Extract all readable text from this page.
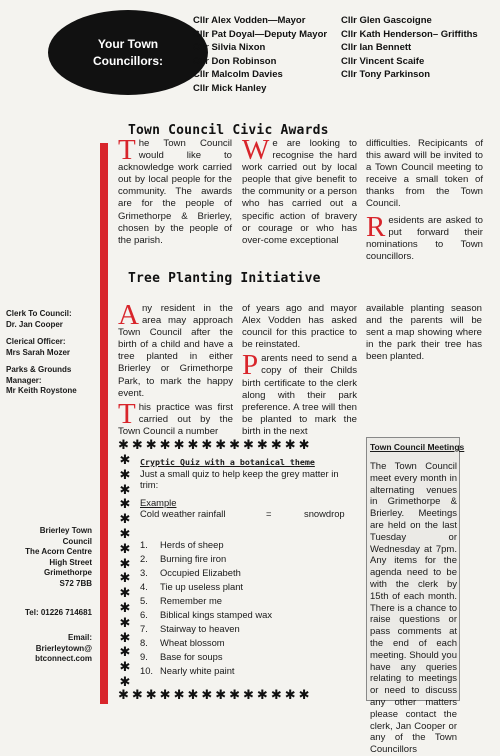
Your Town
Councillors:
Cllr Alex Vodden—Mayor
Cllr Pat Doyal—Deputy Mayor
Cllr Silvia Nixon
Cllr Don Robinson
Cllr Malcolm Davies
Cllr Mick Hanley
Cllr Glen Gascoigne
Cllr Kath Henderson– Griffiths
Cllr Ian Bennett
Cllr Vincent Scaife
Cllr Tony Parkinson
Clerk To Council:
Dr. Jan Cooper
Clerical Officer:
Mrs Sarah Mozer
Parks & Grounds
Manager:
Mr Keith Roystone
Brierley Town
Council
The Acorn Centre
High Street
Grimethorpe
S72 7BB
Tel: 01226 714681
Email:
Brierleytown@
btconnect.com
Town Council Civic Awards

The Town Council would like to acknowledge work carried out by local people for the community. The awards are for the people of Grimethorpe & Brierley, chosen by the people of the parish.

We are looking to recognise the hard work carried out by local people that give benefit to the community or a person who has carried out a specific action of bravery or courage or who has over-come exceptional

difficulties. Recipicants of this award will be invited to a Town Council meeting to receive a small token of thanks from the Town Council.

Residents are asked to put forward their nominations to Town councillors.

Tree Planting Initiative

Any resident in the area may approach Town Council after the birth of a child and have a tree planted in either Brierley or Grimethorpe Park, to mark the happy event.

This practice was first carried out by the Town Council a number

of years ago and mayor Alex Vodden has asked council for this practice to be reinstated.

Parents need to send a copy of their Childs birth certificate to the clerk along with their park preference. A tree will then be planted to mark the birth in the next

available planting season and the parents will be sent a map showing where in the park their tree has been planted.

✱✱✱✱✱✱✱✱✱✱✱✱✱✱
✱✱✱✱✱✱✱✱✱✱✱✱✱✱
✱
✱
✱
✱
✱
✱
✱
✱
✱
✱
✱
✱
✱
✱
✱
✱
Cryptic Quiz with a botanical theme
Just a small quiz to help keep the grey matter in trim:
Example
Cold weather rainfall	=	snowdrop
1. Herds of sheep
2. Burning fire iron
3. Occupied Elizabeth
4. Tie up useless plant
5. Remember me
6. Biblical kings stamped wax
7. Stairway to heaven
8. Wheat blossom
9. Base for soups
10. Nearly white paint
Town Council Meetings
The Town Council meet every month in alternating venues in Grimethorpe & Brierley. Meetings are held on the last Tuesday or Wednesday at 7pm. Any items for the agenda need to be with the clerk by 15th of each month. There is a chance to raise questions or pass comments at the end of each meeting. Should you have any queries relating to meetings or need to discuss any other matters please contact the clerk, Jan Cooper or any of the Town Councillors
